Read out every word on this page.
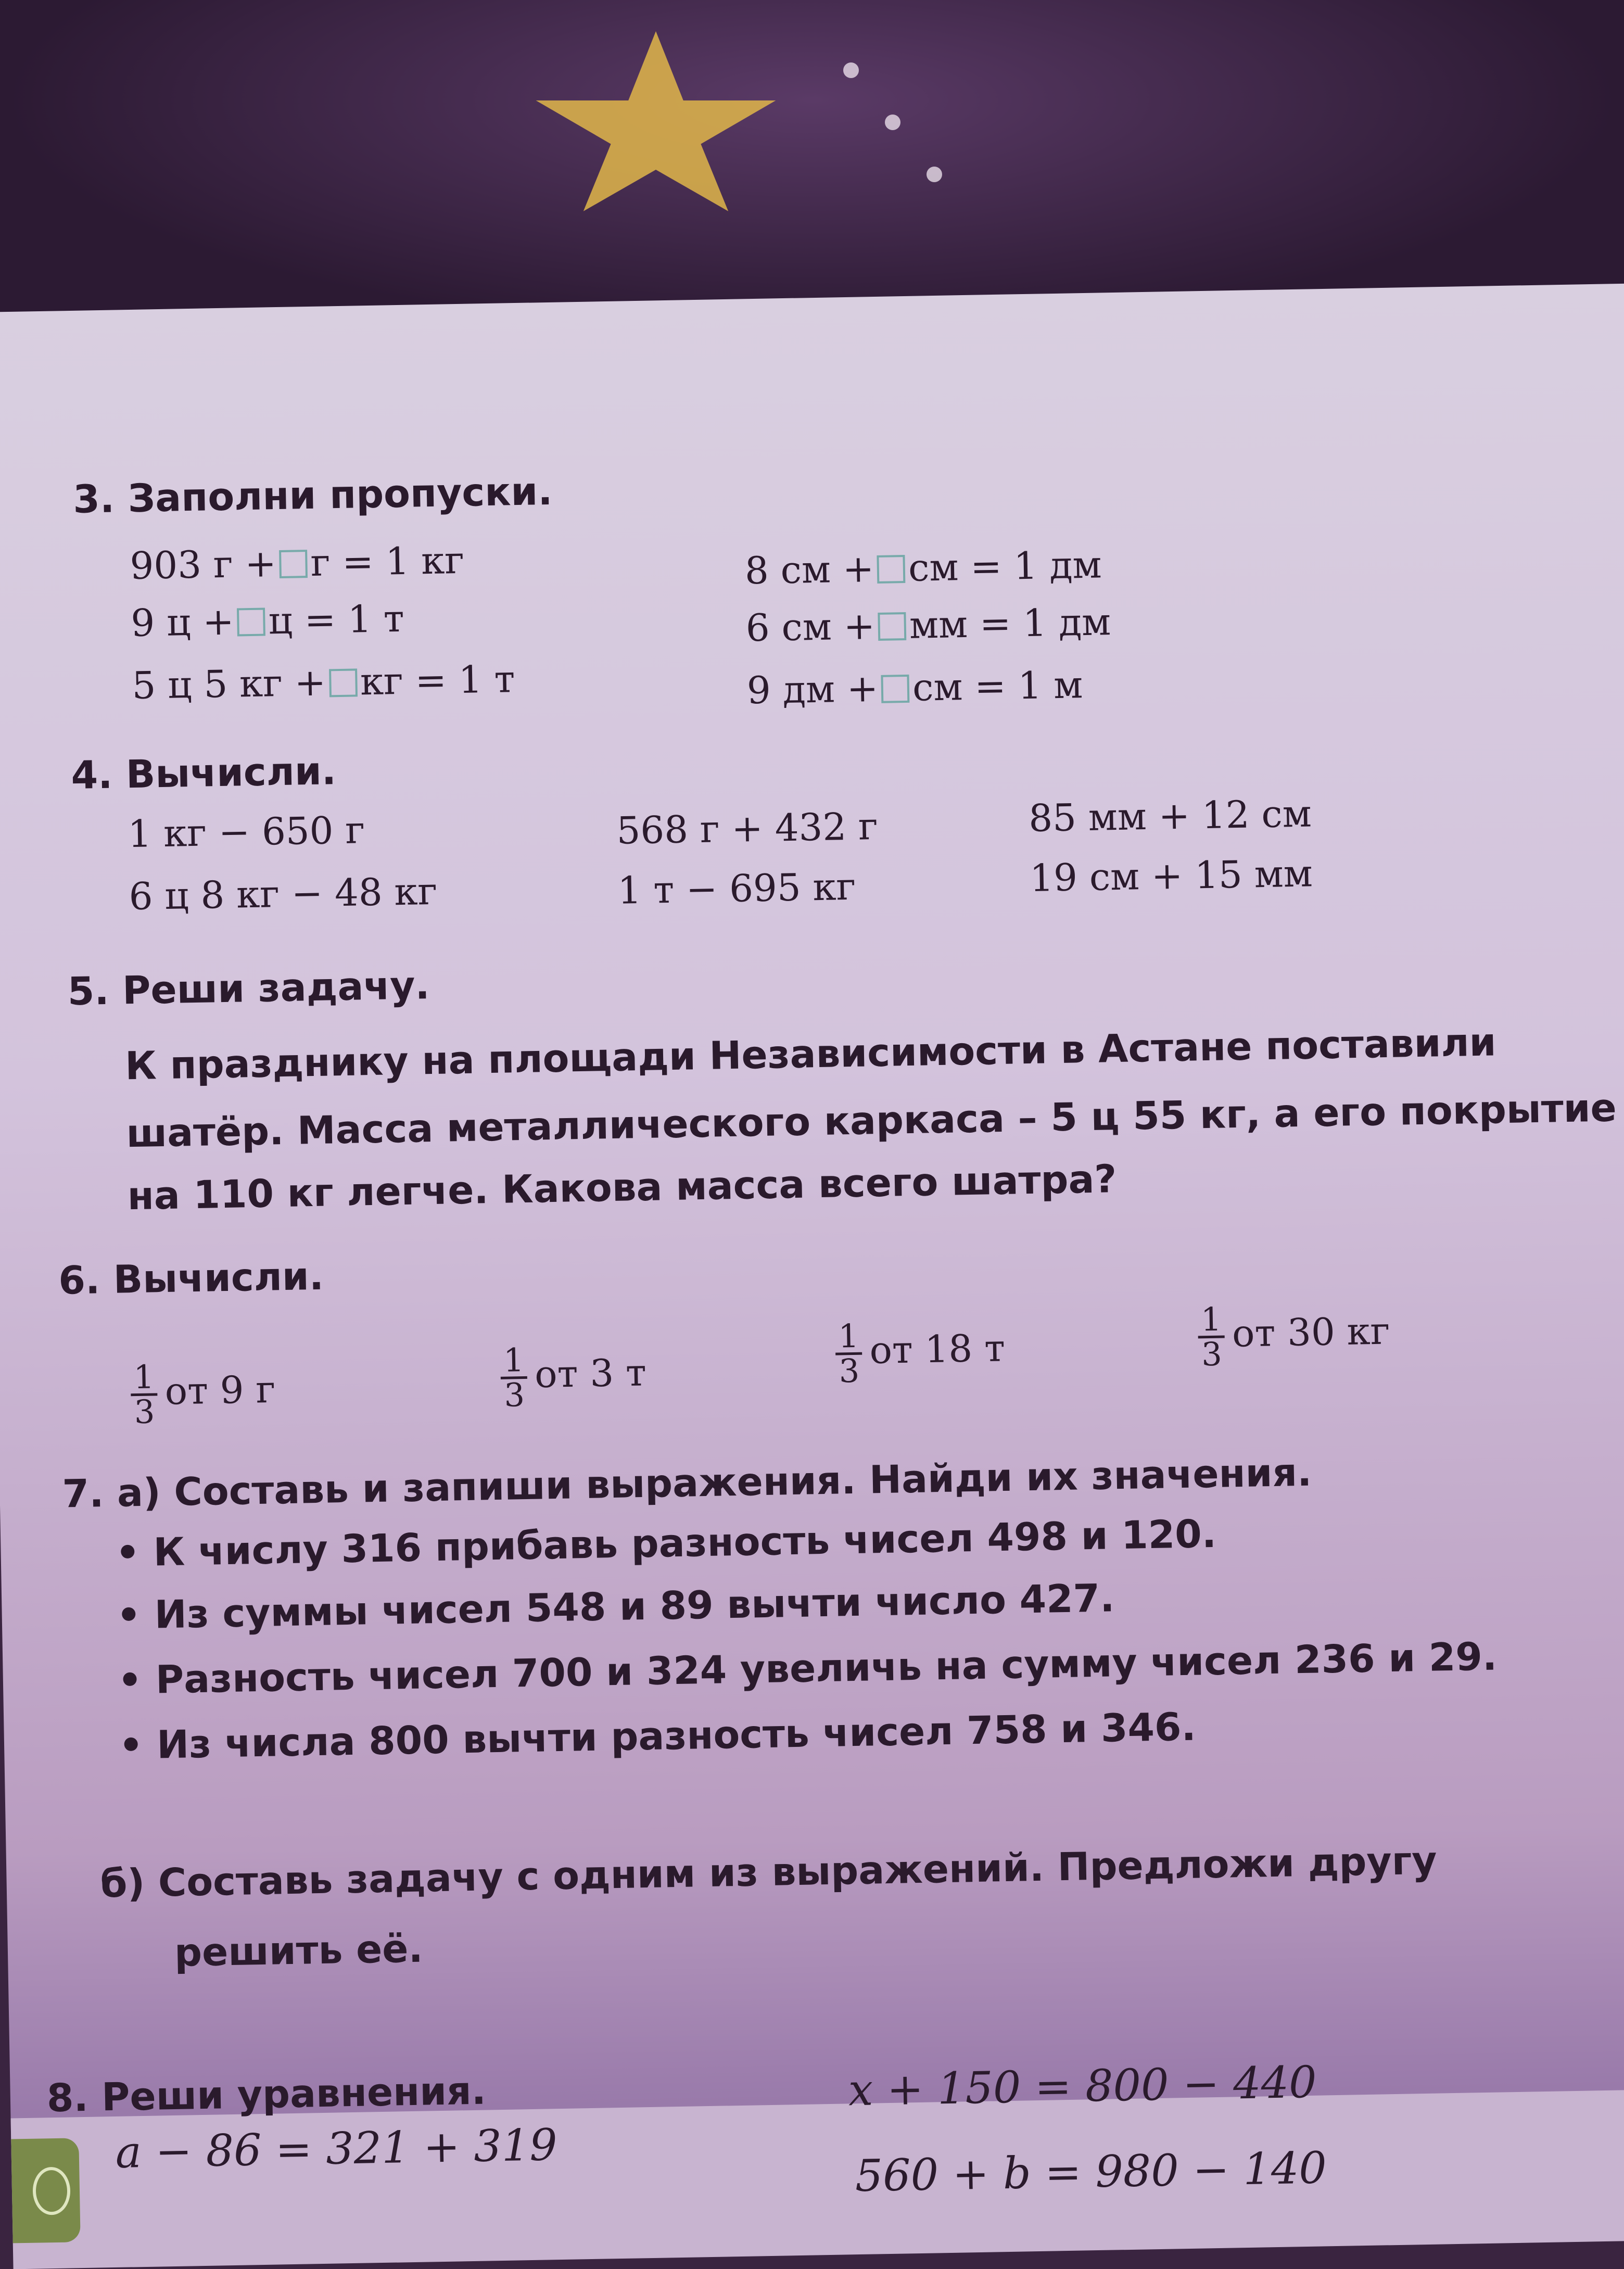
3. Заполни пропуски.
903 г + г = 1 кг
9 ц + ц = 1 т
5 ц 5 кг + кг = 1 т
8 см + см = 1 дм
6 см + мм = 1 дм
9 дм + см = 1 м
4. Вычисли.
1 кг − 650 г
6 ц 8 кг − 48 кг
568 г + 432 г
1 т − 695 кг
85 мм + 12 см
19 см + 15 мм
5. Реши задачу.
К празднику на площади Независимости в Астане поставили
шатёр. Масса металлического каркаса – 5 ц 55 кг, а его покрытие
на 110 кг легче. Какова масса всего шатра?
6. Вычисли.
$\frac{1}{3}$ от 9 г	$\frac{1}{3}$ от 3 т	$\frac{1}{3}$ от 18 т	$\frac{1}{3}$ от 30 кг
7. а) Составь и запиши выражения. Найди их значения.
• К числу 316 прибавь разность чисел 498 и 120.
• Из суммы чисел 548 и 89 вычти число 427.
• Разность чисел 700 и 324 увеличь на сумму чисел 236 и 29.
• Из числа 800 вычти разность чисел 758 и 346.
б) Составь задачу с одним из выражений. Предложи другу
решить её.
8. Реши уравнения.
a − 86 = 321 + 319
x + 150 = 800 − 440
560 + b = 980 − 140
